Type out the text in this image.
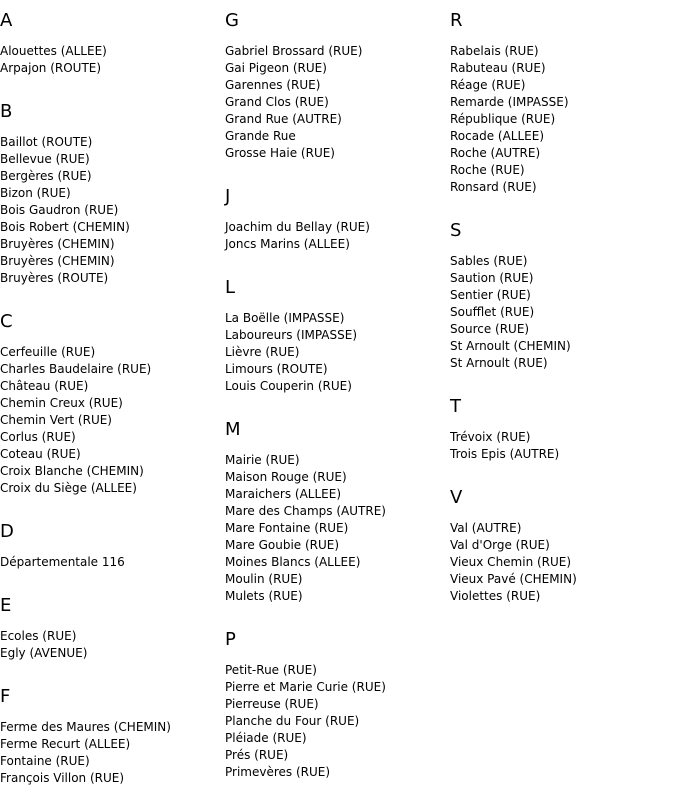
A
Alouettes (ALLEE)
Arpajon (ROUTE)
B
Baillot (ROUTE)
Bellevue (RUE)
Bergères (RUE)
Bizon (RUE)
Bois Gaudron (RUE)
Bois Robert (CHEMIN)
Bruyères (CHEMIN)
Bruyères (CHEMIN)
Bruyères (ROUTE)
C
Cerfeuille (RUE)
Charles Baudelaire (RUE)
Château (RUE)
Chemin Creux (RUE)
Chemin Vert (RUE)
Corlus (RUE)
Coteau (RUE)
Croix Blanche (CHEMIN)
Croix du Siège (ALLEE)
D
Départementale 116
E
Ecoles (RUE)
Egly (AVENUE)
F
Ferme des Maures (CHEMIN)
Ferme Recurt (ALLEE)
Fontaine (RUE)
François Villon (RUE)
G
Gabriel Brossard (RUE)
Gai Pigeon (RUE)
Garennes (RUE)
Grand Clos (RUE)
Grand Rue (AUTRE)
Grande Rue
Grosse Haie (RUE)
J
Joachim du Bellay (RUE)
Joncs Marins (ALLEE)
L
La Boëlle (IMPASSE)
Laboureurs (IMPASSE)
Lièvre (RUE)
Limours (ROUTE)
Louis Couperin (RUE)
M
Mairie (RUE)
Maison Rouge (RUE)
Maraichers (ALLEE)
Mare des Champs (AUTRE)
Mare Fontaine (RUE)
Mare Goubie (RUE)
Moines Blancs (ALLEE)
Moulin (RUE)
Mulets (RUE)
P
Petit-Rue (RUE)
Pierre et Marie Curie (RUE)
Pierreuse (RUE)
Planche du Four (RUE)
Pléiade (RUE)
Prés (RUE)
Primevères (RUE)
R
Rabelais (RUE)
Rabuteau (RUE)
Réage (RUE)
Remarde (IMPASSE)
République (RUE)
Rocade (ALLEE)
Roche (AUTRE)
Roche (RUE)
Ronsard (RUE)
S
Sables (RUE)
Saution (RUE)
Sentier (RUE)
Soufflet (RUE)
Source (RUE)
St Arnoult (CHEMIN)
St Arnoult (RUE)
T
Trévoix (RUE)
Trois Epis (AUTRE)
V
Val (AUTRE)
Val d'Orge (RUE)
Vieux Chemin (RUE)
Vieux Pavé (CHEMIN)
Violettes (RUE)
